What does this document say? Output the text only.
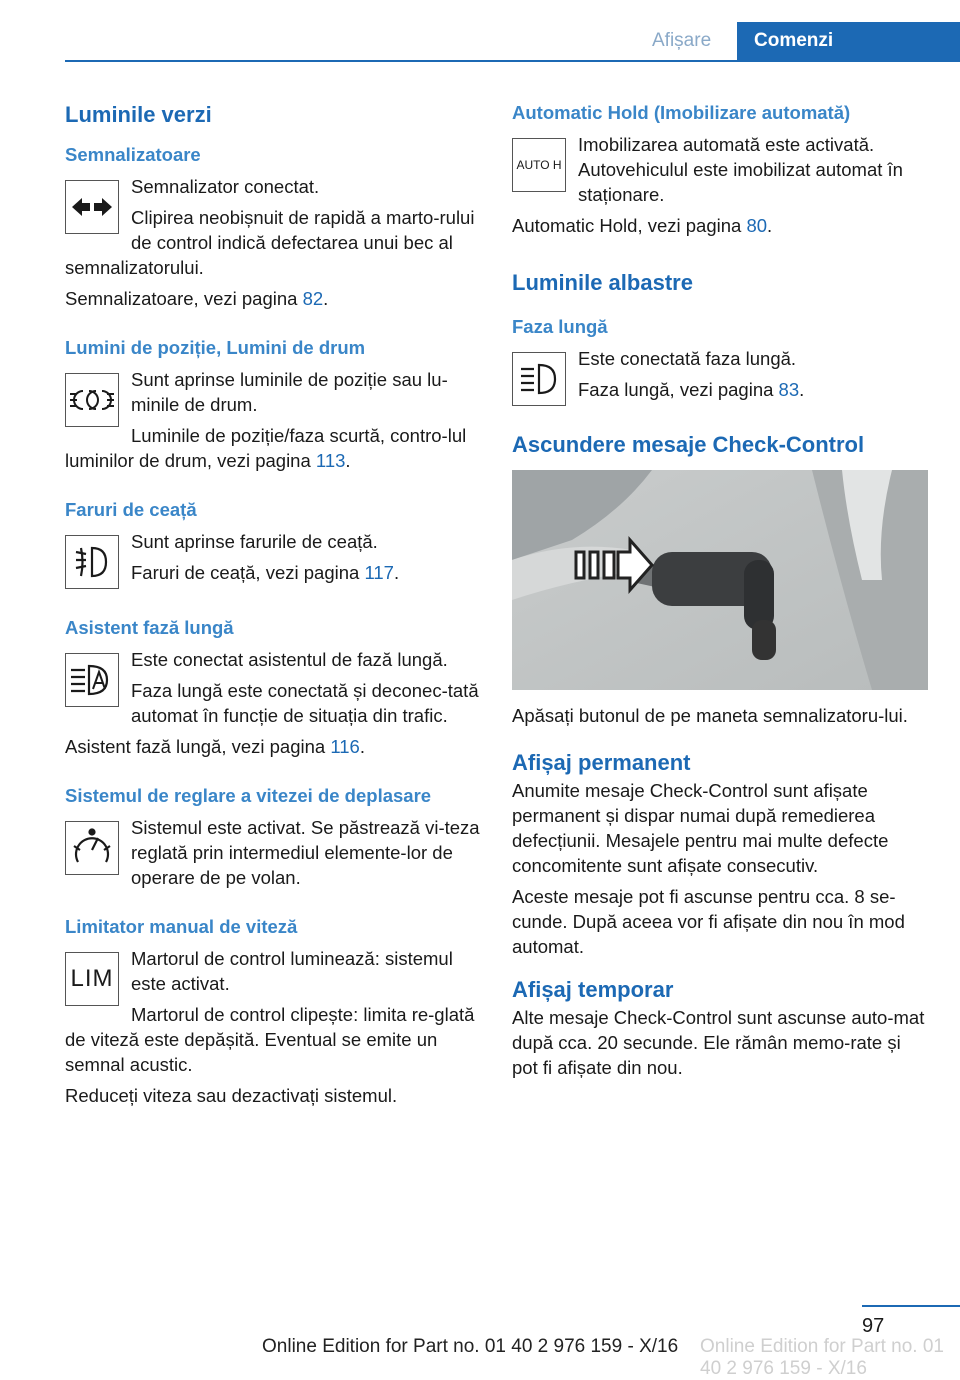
Afișare	Comenzi
Luminile verzi
Semnalizatoare

Semnalizator conectat.

Clipirea neobișnuit de rapidă a marto-rului de control indică defectarea unui bec al semnalizatorului.

Semnalizatoare, vezi pagina 82.

Lumini de poziție, Lumini de drum

Sunt aprinse luminile de poziție sau lu-minile de drum.

Luminile de poziție/faza scurtă, contro-lul luminilor de drum, vezi pagina 113.

Faruri de ceață

Sunt aprinse farurile de ceață.

Faruri de ceață, vezi pagina 117.

Asistent fază lungă

Este conectat asistentul de fază lungă.

Faza lungă este conectată și deconec-tată automat în funcție de situația din trafic.

Asistent fază lungă, vezi pagina 116.

Sistemul de reglare a vitezei de deplasare

Sistemul este activat. Se păstrează vi-teza reglată prin intermediul elemente-lor de operare de pe volan.

Limitator manual de viteză
LIM

Martorul de control luminează: sistemul este activat.

Martorul de control clipește: limita re-glată de viteză este depășită. Eventual se emite un semnal acustic.

Reduceți viteza sau dezactivați sistemul.

Automatic Hold (Imobilizare automată)
AUTO H

Imobilizarea automată este activată. Autovehiculul este imobilizat automat în staționare.

Automatic Hold, vezi pagina 80.

Luminile albastre
Faza lungă

Este conectată faza lungă.

Faza lungă, vezi pagina 83.

Ascundere mesaje Check-Control

Apăsați butonul de pe maneta semnalizatoru-lui.

Afișaj permanent

Anumite mesaje Check-Control sunt afișate permanent și dispar numai după remedierea defecțiunii. Mesajele pentru mai multe defecte concomitente sunt afișate consecutiv.

Aceste mesaje pot fi ascunse pentru cca. 8 se-cunde. După aceea vor fi afișate din nou în mod automat.

Afișaj temporar

Alte mesaje Check-Control sunt ascunse auto-mat după cca. 20 secunde. Ele rămân memo-rate și pot fi afișate din nou.

97
Online Edition for Part no. 01 40 2 976 159 - X/16
Online Edition for Part no. 01 40 2 976 159 - X/16
